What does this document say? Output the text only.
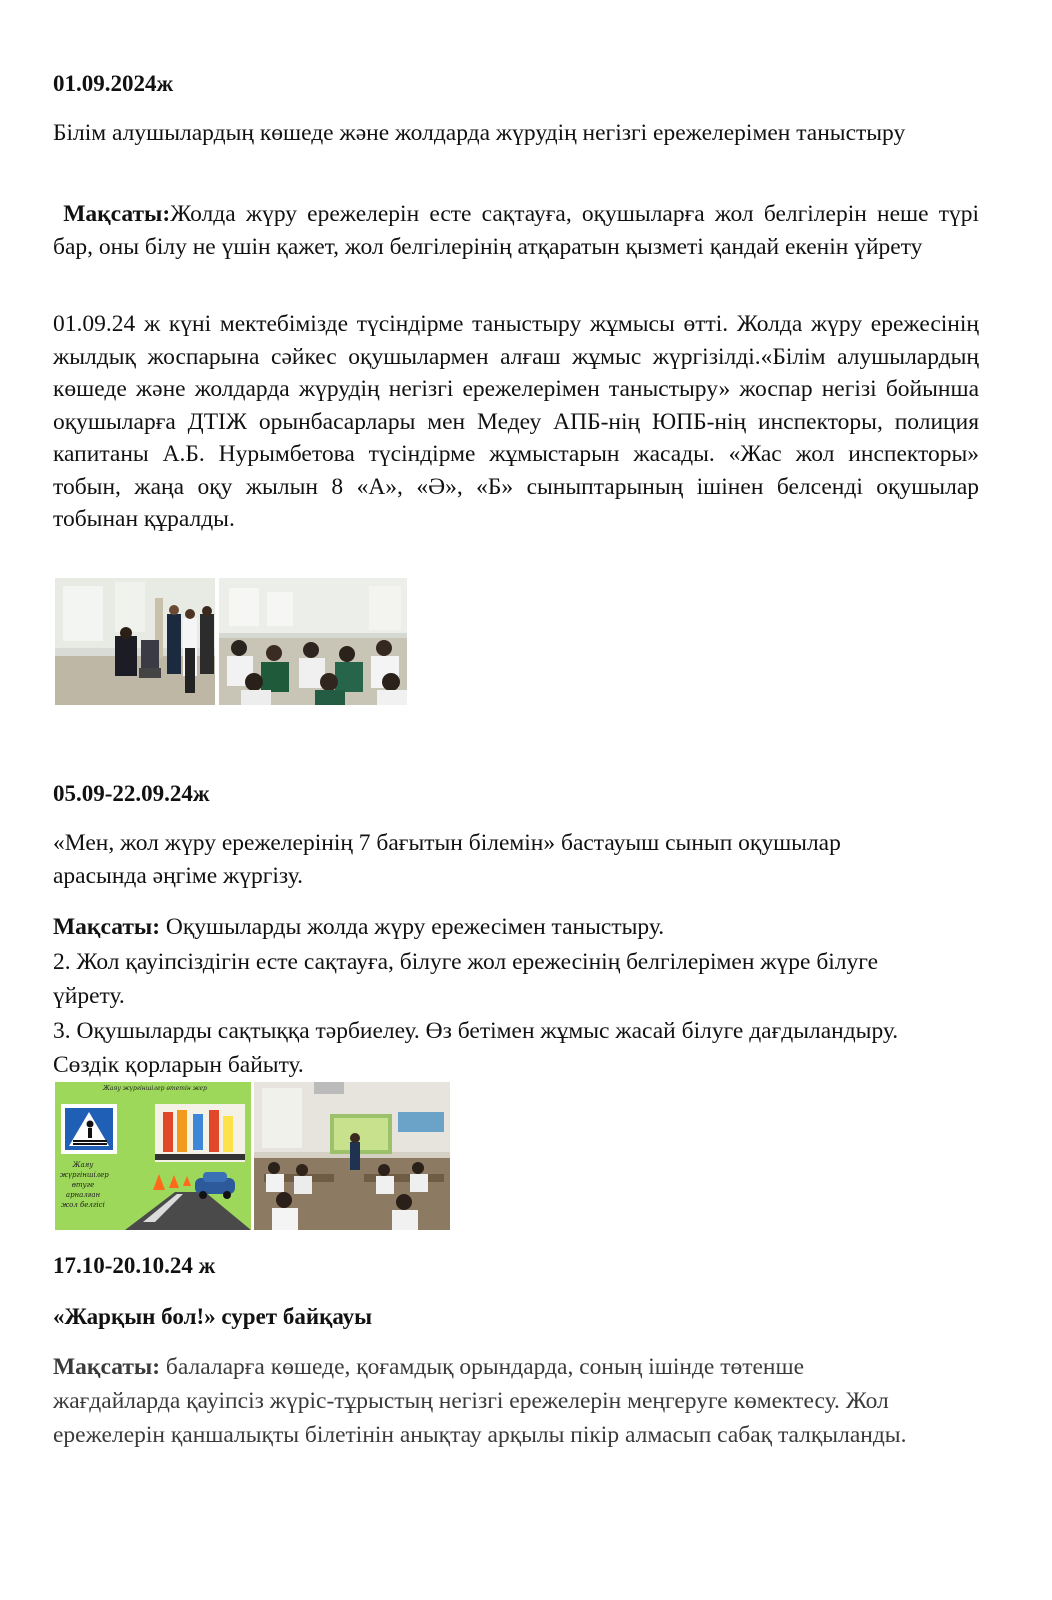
01.09.2024ж
Білім алушылардың көшеде және жолдарда жүрудің негізгі ережелерімен таныстыру
Мақсаты:Жолда жүру ережелерін есте сақтауға, оқушыларға жол белгілерін неше түрі бар, оны білу не үшін қажет, жол белгілерінің атқаратын қызметі қандай екенін үйрету
01.09.24 ж күні мектебімізде түсіндірме таныстыру жұмысы өтті. Жолда жүру ережесінің жылдық жоспарына сәйкес оқушылармен алғаш жұмыс жүргізілді.«Білім алушылардың көшеде және жолдарда жүрудің негізгі ережелерімен таныстыру» жоспар негізі бойынша оқушыларға ДТІЖ орынбасарлары мен Медеу АПБ-нің ЮПБ-нің инспекторы, полиция капитаны А.Б. Нурымбетова түсіндірме жұмыстарын жасады. «Жас жол инспекторы» тобын, жаңа оқу жылын 8 «А», «Ә», «Б» сыныптарының ішінен белсенді оқушылар тобынан құралды.
05.09-22.09.24ж
«Мен, жол жүру ережелерінің 7 бағытын білемін» бастауыш сынып оқушылар арасында әңгіме жүргізу.
Мақсаты: Оқушыларды жолда жүру ережесімен таныстыру.
2. Жол қауіпсіздігін есте сақтауға, білуге жол ережесінің белгілерімен жүре білуге үйрету.
3. Оқушыларды сақтыққа тәрбиелеу. Өз бетімен жұмыс жасай білуге дағдыландыру. Сөздік қорларын байыту.
Жаяу жүргіншілер өтетін жер
Жаяу жүргіншілер өтуге арналған жол белгісі
17.10-20.10.24 ж
«Жарқын бол!» сурет байқауы
Мақсаты: балаларға көшеде, қоғамдық орындарда, соның ішінде төтенше жағдайларда қауіпсіз жүріс-тұрыстың негізгі ережелерін меңгеруге көмектесу. Жол ережелерін қаншалықты білетінін анықтау арқылы пікір алмасып сабақ талқыланды.
